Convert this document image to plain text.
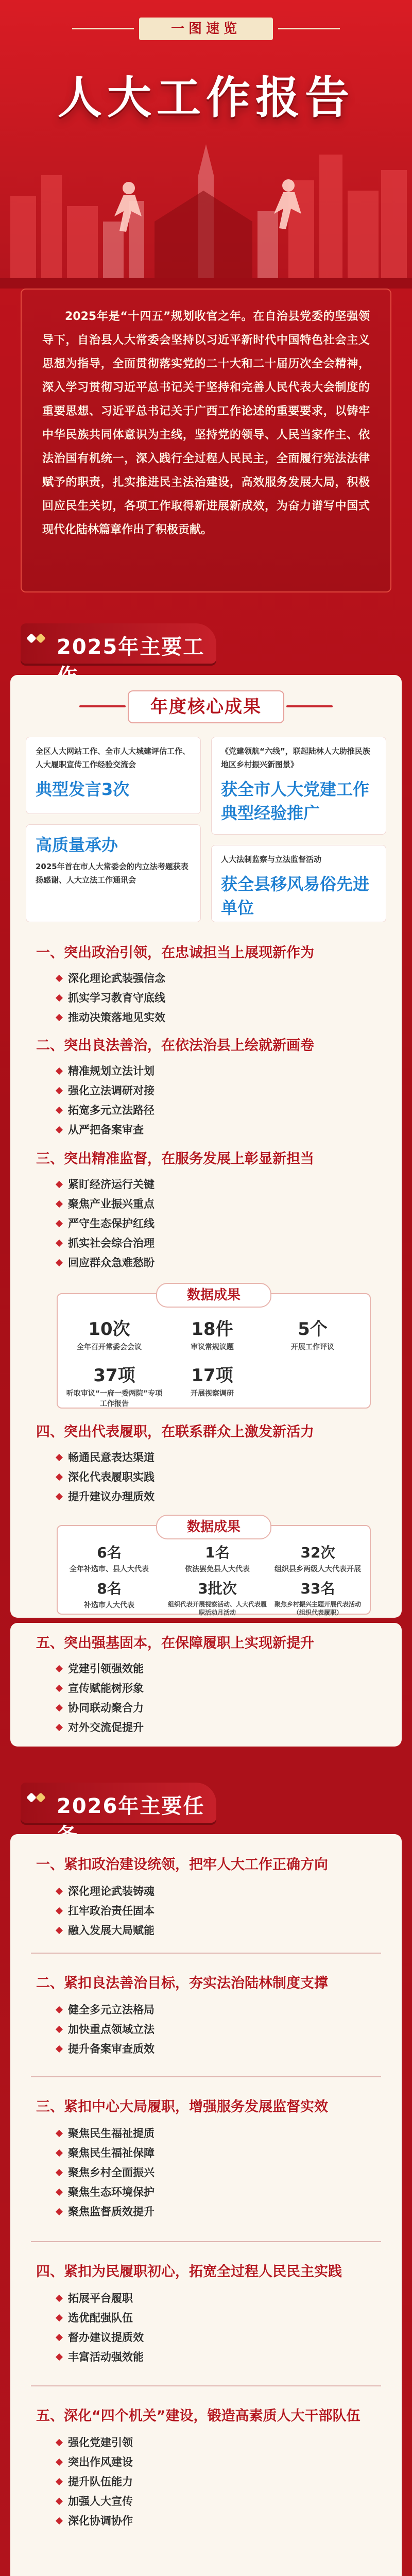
一图速览
人大工作报告

2025年是“十四五”规划收官之年。在自治县党委的坚强领导下，自治县人大常委会坚持以习近平新时代中国特色社会主义思想为指导，全面贯彻落实党的二十大和二十届历次全会精神，深入学习贯彻习近平总书记关于坚持和完善人民代表大会制度的重要思想、习近平总书记关于广西工作论述的重要要求，以铸牢中华民族共同体意识为主线，坚持党的领导、人民当家作主、依法治国有机统一，深入践行全过程人民民主，全面履行宪法法律赋予的职责，扎实推进民主法治建设，高效服务发展大局，积极回应民生关切，各项工作取得新进展新成效，为奋力谱写中国式现代化陆林篇章作出了积极贡献。

2025年主要工
年度核心成果
全区人大网站工作、全市人大城建评估工作、人大履职宣传工作经验交流会
典型发言3次
《党建领航“六线”，联起陆林人大助推民族地区乡村振兴新图景》
获全市人大党建工作典型经验推广
高质量承办
2025年首在市人大常委会的内立法考题获表扬感谢、人大立法工作通讯会
人大法制监察与立法监督活动
获全县移风易俗先进单位
一、突出政治引领，在忠诚担当上展现新作为
深化理论武装强信念
抓实学习教育守底线
推动决策落地见实效
二、突出良法善治，在依法治县上绘就新画卷
精准规划立法计划
强化立法调研对接
拓宽多元立法路径
从严把备案审查
三、突出精准监督，在服务发展上彰显新担当
紧盯经济运行关键
聚焦产业振兴重点
严守生态保护红线
抓实社会综合治理
回应群众急难愁盼
数据成果
10次
全年召开常委会会议
18件
审议常规议题
5个
开展工作评议
37项
听取审议“一府一委两院”专项工作报告
17项
开展视察调研
四、突出代表履职，在联系群众上激发新活力
畅通民意表达渠道
深化代表履职实践
提升建议办理质效
数据成果
6名
全年补选市、县人大代表
1名
依法罢免县人大代表
32次
组织县乡两级人大代表开展
8名
补选市人大代表
3批次
组织代表开展视察活动、人大代表履职活动月活动
33名
聚焦乡村振兴主题开展代表活动（组织代表履职）
五、突出强基固本，在保障履职上实现新提升
党建引领强效能
宣传赋能树形象
协同联动聚合力
对外交流促提升
2026年主要任
一、紧扣政治建设统领，把牢人大工作正确方向
深化理论武装铸魂
扛牢政治责任固本
融入发展大局赋能
二、紧扣良法善治目标，夯实法治陆林制度支撑
健全多元立法格局
加快重点领域立法
提升备案审查质效
三、紧扣中心大局履职，增强服务发展监督实效
聚焦民生福祉提质
聚焦民生福祉保障
聚焦乡村全面振兴
聚焦生态环境保护
聚焦监督质效提升
四、紧扣为民履职初心，拓宽全过程人民民主实践
拓展平台履职
选优配强队伍
督办建议提质效
丰富活动强效能
五、深化“四个机关”建设，锻造高素质人大干部队伍
强化党建引领
突出作风建设
提升队伍能力
加强人大宣传
深化协调协作
